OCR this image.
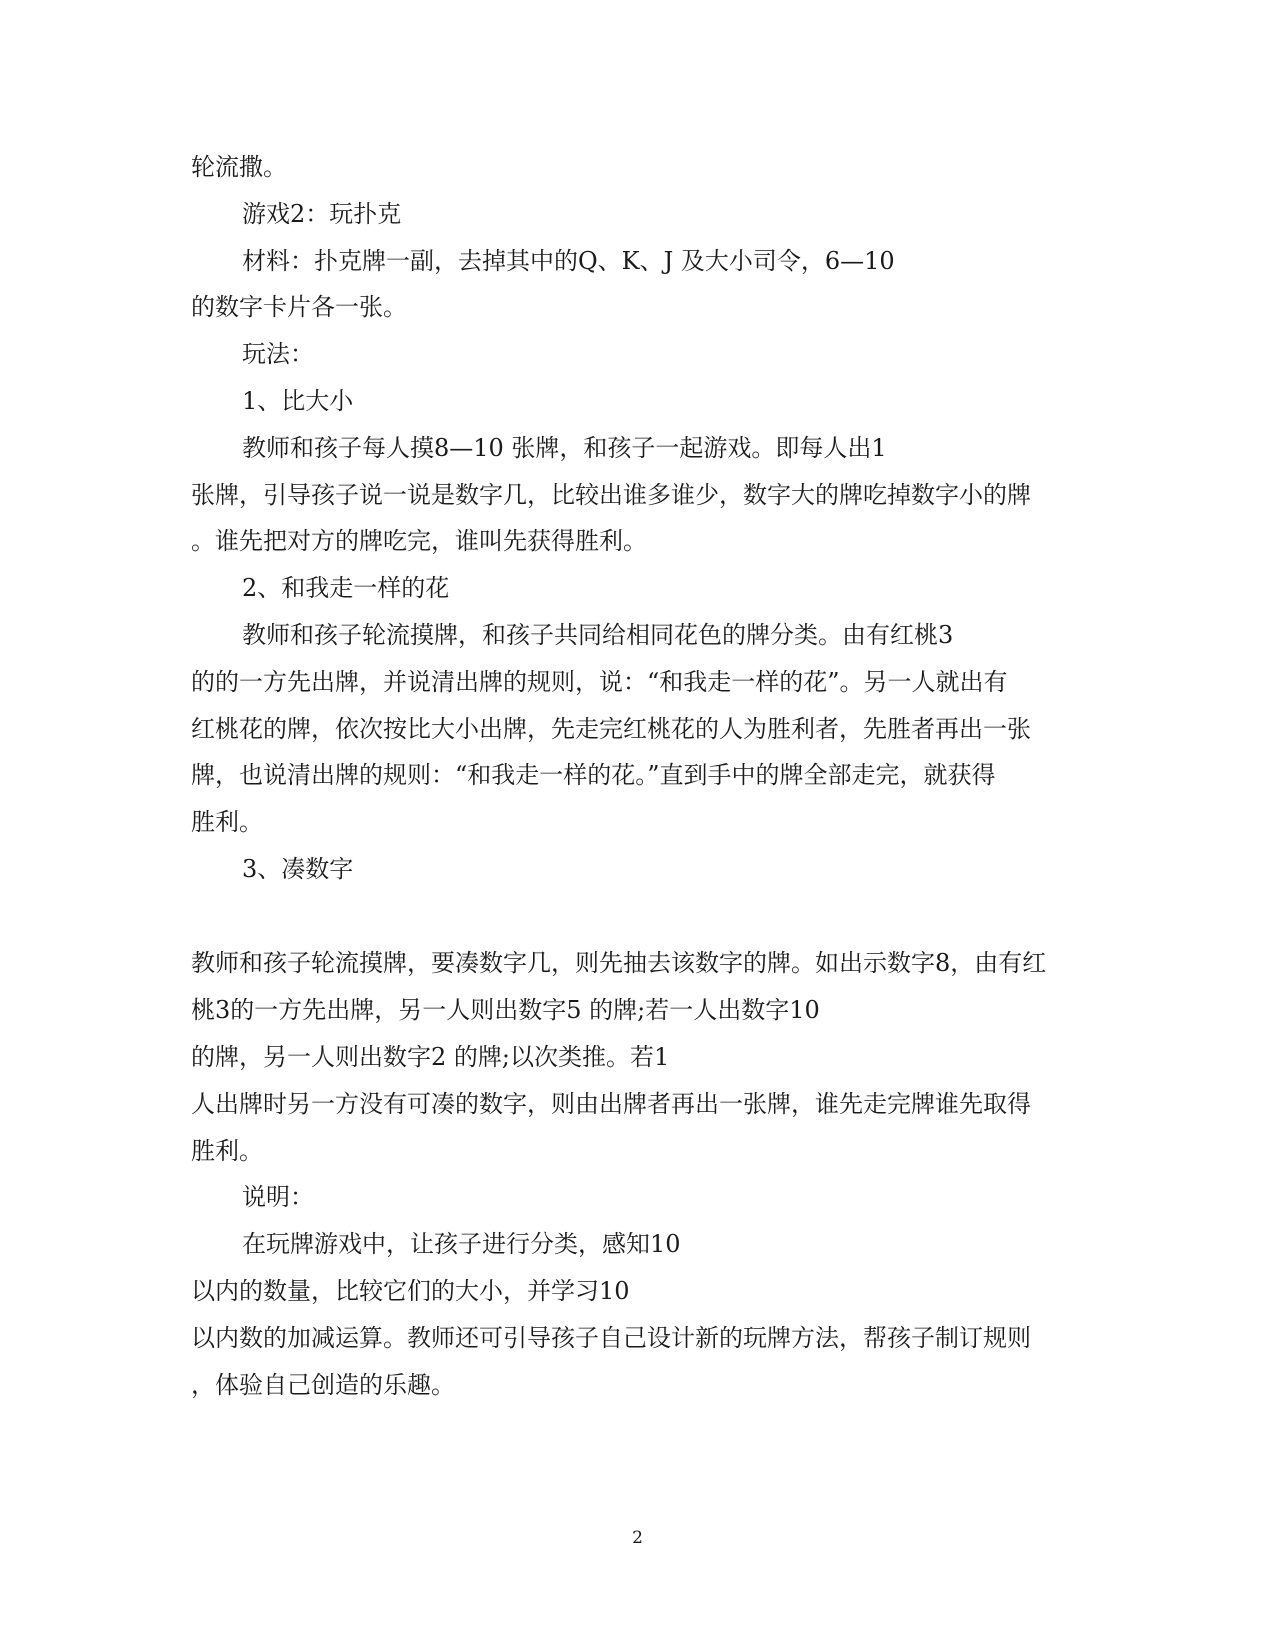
轮流撒。

游戏2：玩扑克

材料：扑克牌一副，去掉其中的Q、K、J 及大小司令，6—10

的数字卡片各一张。

玩法：

1、比大小

教师和孩子每人摸8—10 张牌，和孩子一起游戏。即每人出1

张牌，引导孩子说一说是数字几，比较出谁多谁少，数字大的牌吃掉数字小的牌

。谁先把对方的牌吃完，谁叫先获得胜利。

2、和我走一样的花

教师和孩子轮流摸牌，和孩子共同给相同花色的牌分类。由有红桃3

的的一方先出牌，并说清出牌的规则，说：“和我走一样的花”。另一人就出有

红桃花的牌，依次按比大小出牌，先走完红桃花的人为胜利者，先胜者再出一张

牌，也说清出牌的规则：“和我走一样的花。”直到手中的牌全部走完，就获得

胜利。

3、凑数字

教师和孩子轮流摸牌，要凑数字几，则先抽去该数字的牌。如出示数字8，由有红

桃3的一方先出牌，另一人则出数字5 的牌;若一人出数字10

的牌，另一人则出数字2 的牌;以次类推。若1

人出牌时另一方没有可凑的数字，则由出牌者再出一张牌，谁先走完牌谁先取得

胜利。

说明：

在玩牌游戏中，让孩子进行分类，感知10

以内的数量，比较它们的大小，并学习10

以内数的加减运算。教师还可引导孩子自己设计新的玩牌方法，帮孩子制订规则

，体验自己创造的乐趣。

2
